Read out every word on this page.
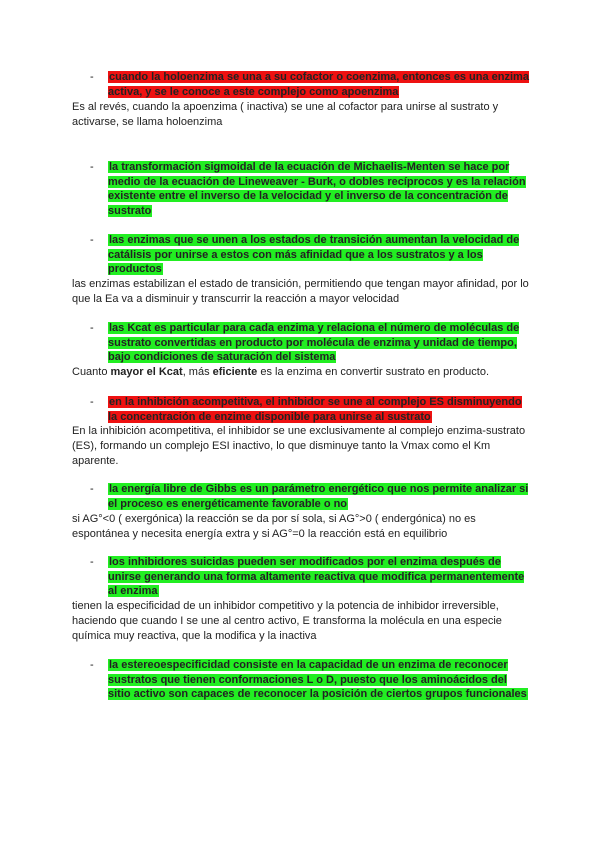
- cuando la holoenzima se una a su cofactor o coenzima, entonces es una enzima activa, y se le conoce a este complejo como apoenzima
Es al revés, cuando la apoenzima ( inactiva) se une al cofactor para unirse al sustrato y activarse, se llama holoenzima
- la transformación sigmoidal de la ecuación de Michaelis-Menten se hace por medio de la ecuación de Lineweaver - Burk, o dobles recíprocos y es la relación existente entre el inverso de la velocidad y el inverso de la concentración de sustrato
- las enzimas que se unen a los estados de transición aumentan la velocidad de catálisis por unirse a estos con más afinidad que a los sustratos y a los productos
las enzimas estabilizan el estado de transición, permitiendo que tengan mayor afinidad, por lo que la Ea va a disminuir y transcurrir la reacción a mayor velocidad
- las Kcat es particular para cada enzima y relaciona el número de moléculas de sustrato convertidas en producto por molécula de enzima y unidad de tiempo, bajo condiciones de saturación del sistema
Cuanto mayor el Kcat, más eficiente es la enzima en convertir sustrato en producto.
- en la inhibición acompetitiva, el inhibidor se une al complejo ES disminuyendo la concentración de enzime disponible para unirse al sustrato
En la inhibición acompetitiva, el inhibidor se une exclusivamente al complejo enzima-sustrato (ES), formando un complejo ESI inactivo, lo que disminuye tanto la Vmax como el Km aparente.
- la energía libre de Gibbs es un parámetro energético que nos permite analizar si el proceso es energéticamente favorable o no
si AG°<0 ( exergónica) la reacción se da por sí sola, si AG°>0 ( endergónica) no es espontánea y necesita energía extra y si AG°=0 la reacción está en equilibrio
- los inhibidores suicidas pueden ser modificados por el enzima después de unirse generando una forma altamente reactiva que modifica permanentemente al enzima
tienen la especificidad de un inhibidor competitivo y la potencia de inhibidor irreversible, haciendo que cuando I se une al centro activo, E transforma la molécula en una especie química muy reactiva, que la modifica y la inactiva
- la estereoespecificidad consiste en la capacidad de un enzima de reconocer sustratos que tienen conformaciones L o D, puesto que los aminoácidos del sitio activo son capaces de reconocer la posición de ciertos grupos funcionales
